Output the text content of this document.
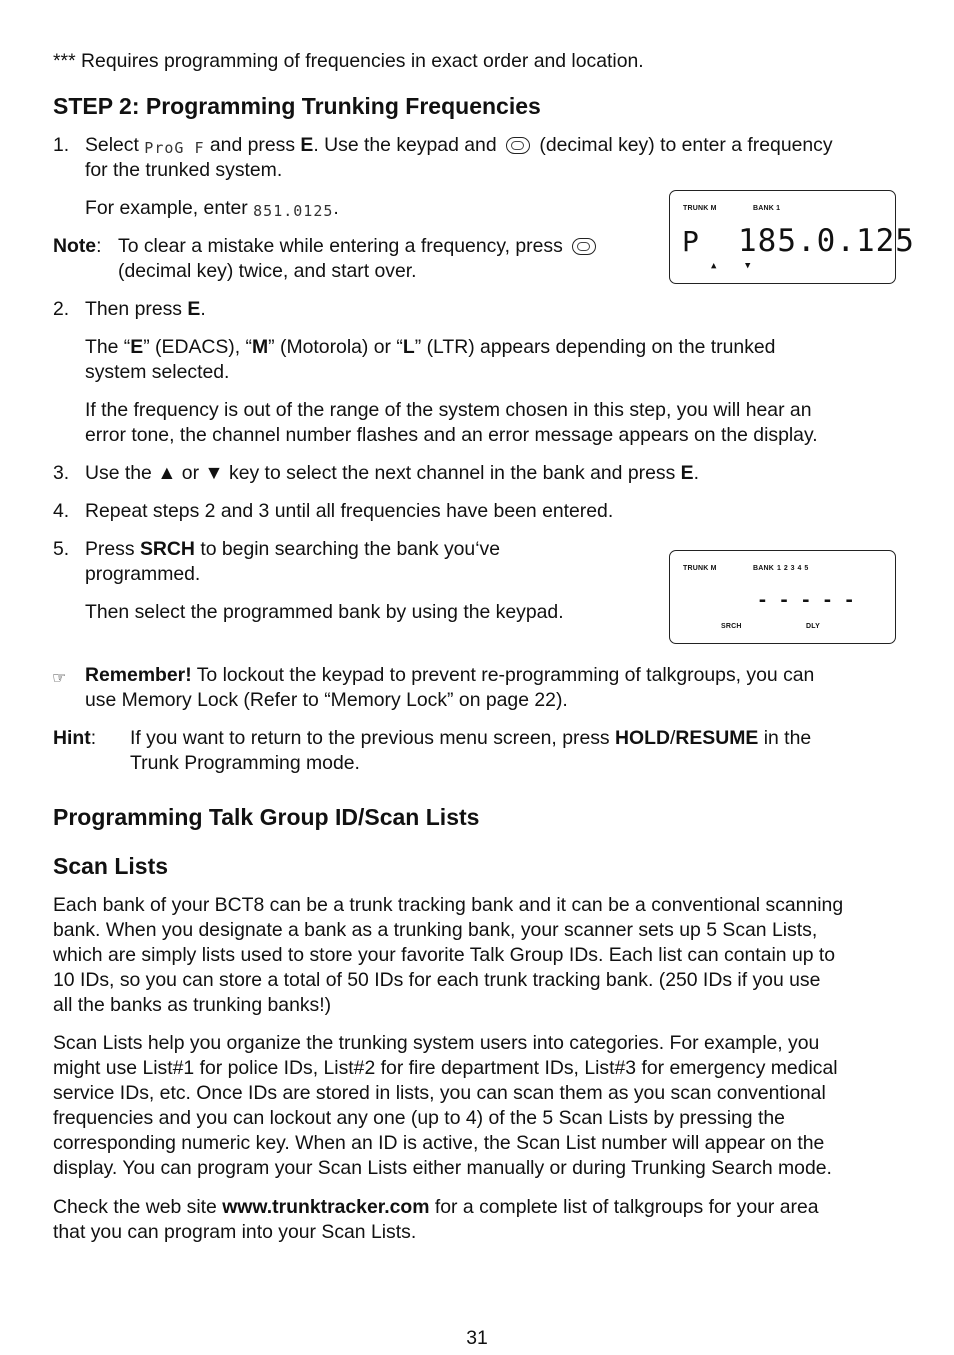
*** Requires programming of frequencies in exact order and location.
STEP 2: Programming Trunking Frequencies
1. Select ProG F and press E. Use the keypad and (decimal key) to enter a frequency
for the trunked system.
For example, enter 851.0125.
Note: To clear a mistake while entering a frequency, press  (decimal key) twice, and start over.
TRUNK M	BANK 1
P 185.0.125
▲	▼
2. Then press E.
The “E” (EDACS), “M” (Motorola) or “L” (LTR) appears depending on the trunked
system selected.
If the frequency is out of the range of the system chosen in this step, you will hear an
error tone, the channel number flashes and an error message appears on the display.
3. Use the ▲ or ▼ key to select the next channel in the bank and press E.
4. Repeat steps 2 and 3 until all frequencies have been entered.
5. Press SRCH to begin searching the bank you‘ve
programmed.
Then select the programmed bank by using the keypad.
TRUNK M	BANK 1 2 3 4 5
- - - - -
SRCH	DLY
☞ Remember! To lockout the keypad to prevent re-programming of talkgroups, you can
use Memory Lock (Refer to “Memory Lock” on page 22).
Hint: If you want to return to the previous menu screen, press HOLD/RESUME in the
Trunk Programming mode.
Programming Talk Group ID/Scan Lists
Scan Lists
Each bank of your BCT8 can be a trunk tracking bank and it can be a conventional scanning
bank. When you designate a bank as a trunking bank, your scanner sets up 5 Scan Lists,
which are simply lists used to store your favorite Talk Group IDs. Each list can contain up to
10 IDs, so you can store a total of 50 IDs for each trunk tracking bank. (250 IDs if you use
all the banks as trunking banks!)
Scan Lists help you organize the trunking system users into categories. For example, you
might use List#1 for police IDs, List#2 for fire department IDs, List#3 for emergency medical
service IDs, etc. Once IDs are stored in lists, you can scan them as you scan conventional
frequencies and you can lockout any one (up to 4) of the 5 Scan Lists by pressing the
corresponding numeric key. When an ID is active, the Scan List number will appear on the
display. You can program your Scan Lists either manually or during Trunking Search mode.
Check the web site www.trunktracker.com for a complete list of talkgroups for your area
that you can program into your Scan Lists.
31
